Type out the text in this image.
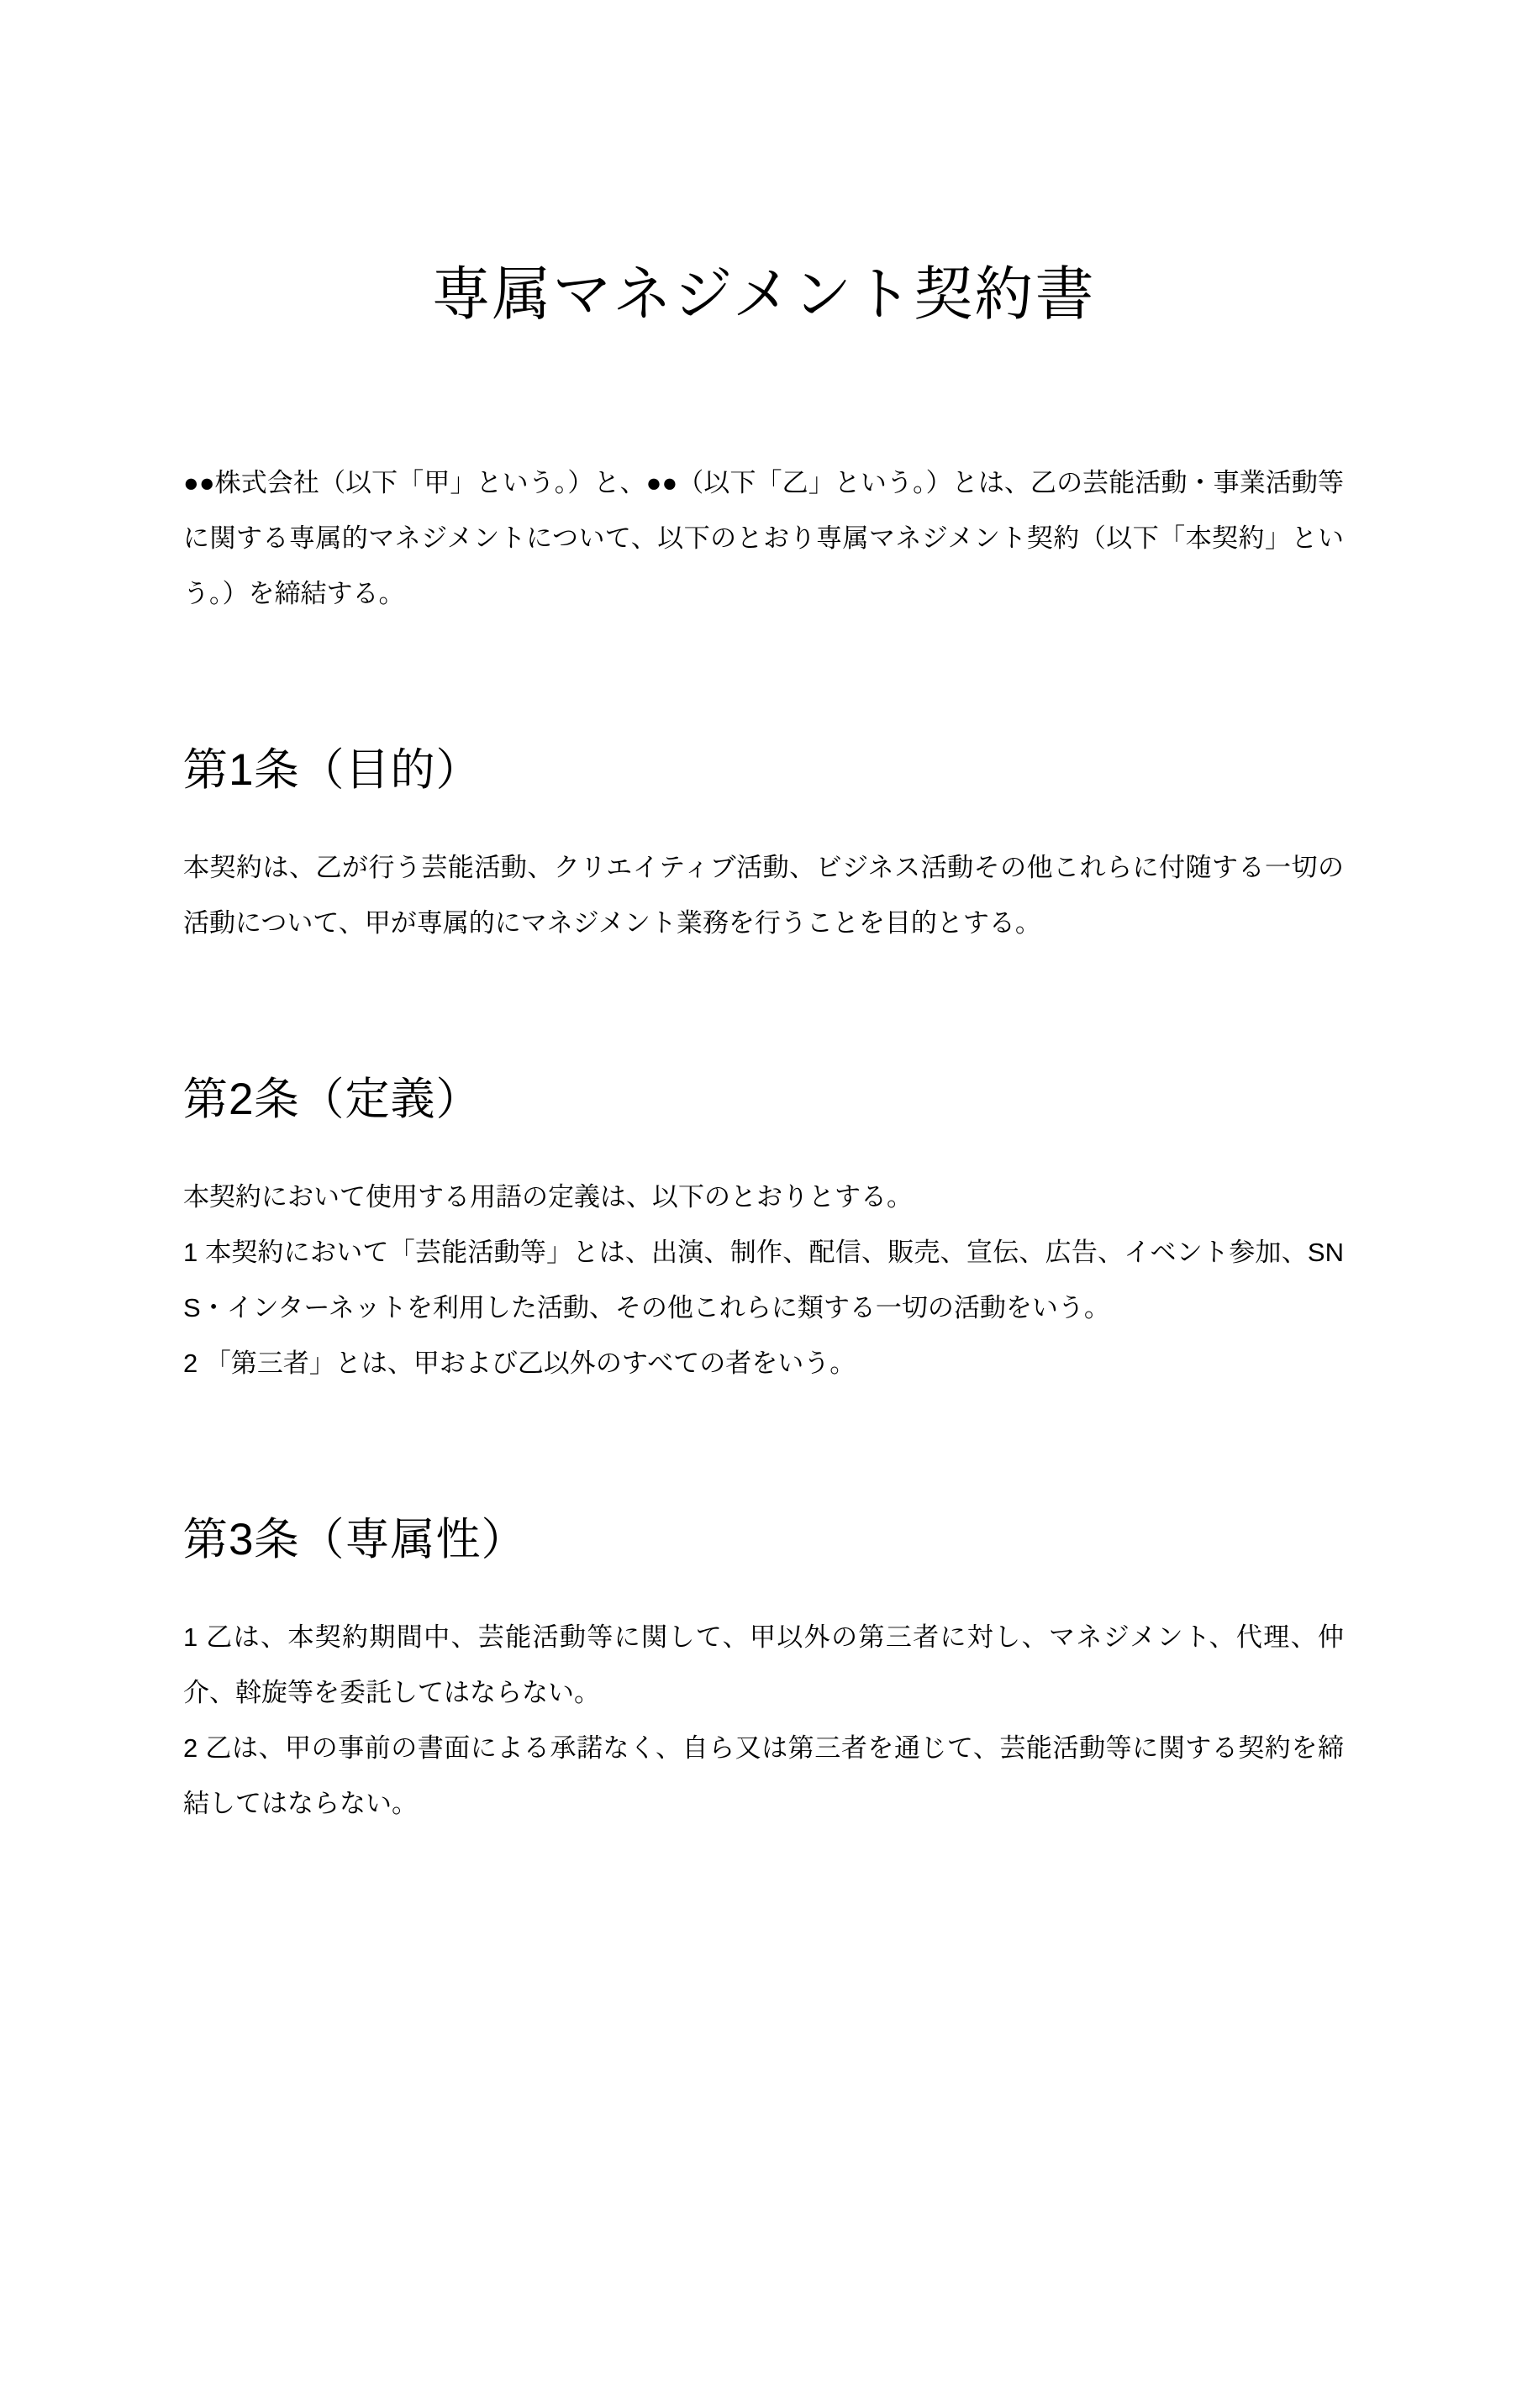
専属マネジメント契約書

●●株式会社（以下「甲」という。）と、●●（以下「乙」という。）とは、乙の芸能活動・事業活動等に関する専属的マネジメントについて、以下のとおり専属マネジメント契約（以下「本契約」という。）を締結する。

第1条（目的）

本契約は、乙が行う芸能活動、クリエイティブ活動、ビジネス活動その他これらに付随する一切の活動について、甲が専属的にマネジメント業務を行うことを目的とする。

第2条（定義）

本契約において使用する用語の定義は、以下のとおりとする。

1 本契約において「芸能活動等」とは、出演、制作、配信、販売、宣伝、広告、イベント参加、SNS・インターネットを利用した活動、その他これらに類する一切の活動をいう。

2 「第三者」とは、甲および乙以外のすべての者をいう。

第3条（専属性）

1 乙は、本契約期間中、芸能活動等に関して、甲以外の第三者に対し、マネジメント、代理、仲介、斡旋等を委託してはならない。

2 乙は、甲の事前の書面による承諾なく、自ら又は第三者を通じて、芸能活動等に関する契約を締結してはならない。
